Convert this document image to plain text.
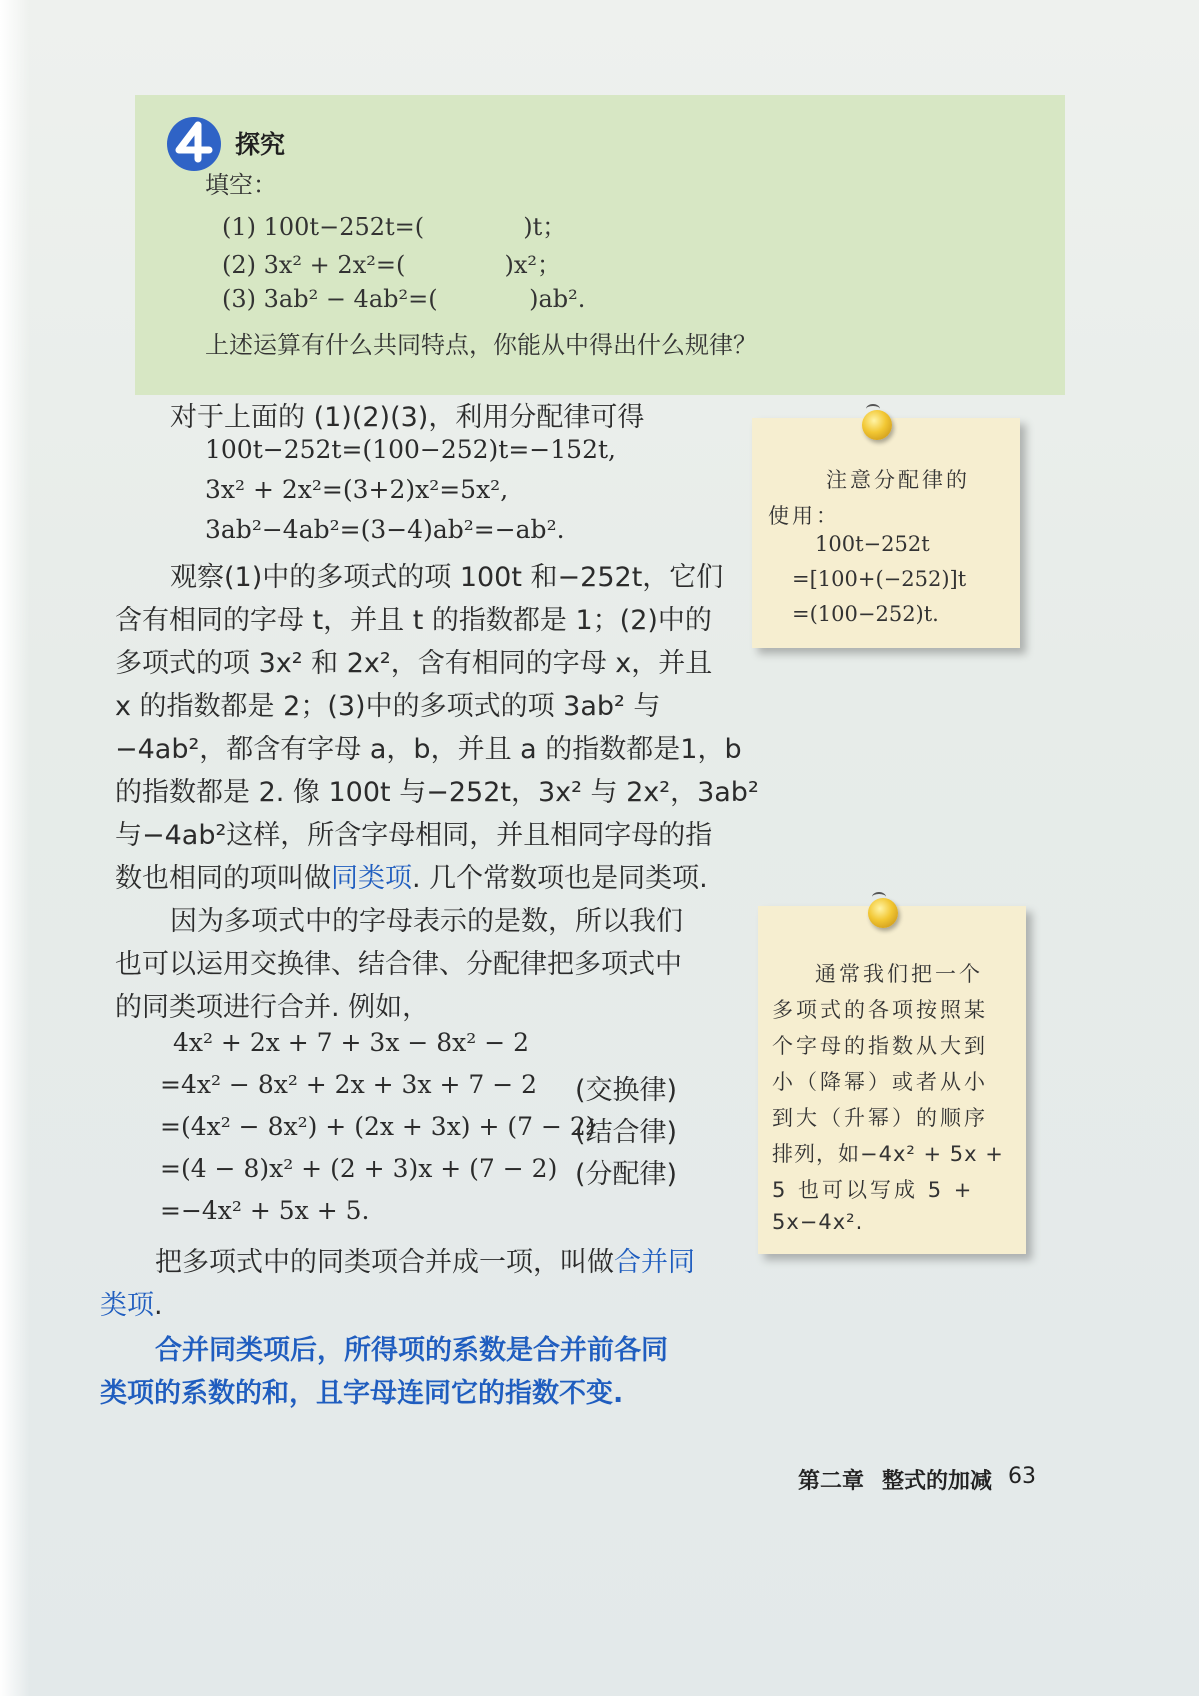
探究
填空：
(1) 100t−252t=(             )t；
(2) 3x² + 2x²=(             )x²；
(3) 3ab² − 4ab²=(            )ab².
上述运算有什么共同特点，你能从中得出什么规律？
对于上面的 (1)(2)(3)，利用分配律可得
100t−252t=(100−252)t=−152t,
3x² + 2x²=(3+2)x²=5x²,
3ab²−4ab²=(3−4)ab²=−ab².
观察(1)中的多项式的项 100t 和−252t，它们
含有相同的字母 t，并且 t 的指数都是 1；(2)中的
多项式的项 3x² 和 2x²，含有相同的字母 x，并且
x 的指数都是 2；(3)中的多项式的项 3ab² 与
−4ab²，都含有字母 a，b，并且 a 的指数都是1，b
的指数都是 2. 像 100t 与−252t，3x² 与 2x²，3ab²
与−4ab²这样，所含字母相同，并且相同字母的指
数也相同的项叫做同类项. 几个常数项也是同类项.
因为多项式中的字母表示的是数，所以我们
也可以运用交换律、结合律、分配律把多项式中
的同类项进行合并. 例如，
4x² + 2x + 7 + 3x − 8x² − 2
=4x² − 8x² + 2x + 3x + 7 − 2 (交换律)
=(4x² − 8x²) + (2x + 3x) + (7 − 2)
(结合律)
=(4 − 8)x² + (2 + 3)x + (7 − 2) (分配律)
=−4x² + 5x + 5.
把多项式中的同类项合并成一项，叫做合并同
类项.
合并同类项后，所得项的系数是合并前各同
类项的系数的和，且字母连同它的指数不变.
注意分配律的
使用：
100t−252t
=[100+(−252)]t
=(100−252)t.
通常我们把一个
多项式的各项按照某
个字母的指数从大到
小（降幂）或者从小
到大（升幂）的顺序
排列，如−4x² + 5x +
5 也可以写成 5 +
5x−4x².
第二章 整式的加减 63
